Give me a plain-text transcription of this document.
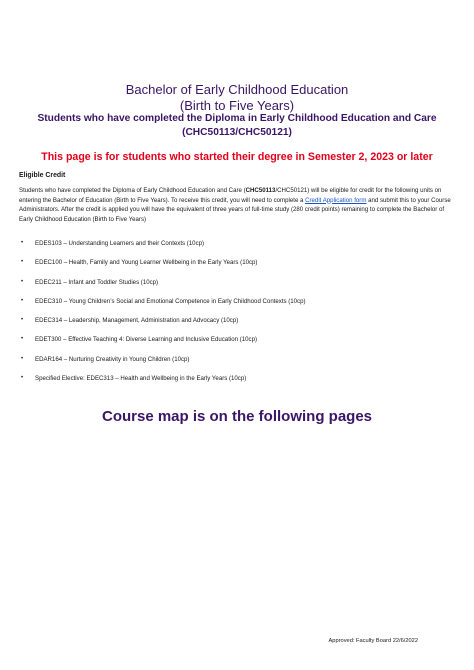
Bachelor of Early Childhood Education
(Birth to Five Years)
Students who have completed the Diploma in Early Childhood Education and Care
(CHC50113/CHC50121)
This page is for students who started their degree in Semester 2, 2023 or later
Eligible Credit
Students who have completed the Diploma of Early Childhood Education and Care (CHC50113/CHC50121) will be eligible for credit for the following units on entering the Bachelor of Education (Birth to Five Years). To receive this credit, you will need to complete a Credit Application form and submit this to your Course Administrators. After the credit is applied you will have the equivalent of three years of full-time study (280 credit points) remaining to complete the Bachelor of Early Childhood Education (Birth to Five Years)
• EDES103 – Understanding Learners and their Contexts (10cp)
• EDEC100 – Health, Family and Young Learner Wellbeing in the Early Years (10cp)
• EDEC211 – Infant and Toddler Studies (10cp)
• EDEC310 – Young Children’s Social and Emotional Competence in Early Childhood Contexts (10cp)
• EDEC314 – Leadership, Management, Administration and Advocacy (10cp)
• EDET300 – Effective Teaching 4: Diverse Learning and Inclusive Education (10cp)
• EDAR164 – Nurturing Creativity in Young Children (10cp)
• Specified Elective: EDEC313 – Health and Wellbeing in the Early Years (10cp)
Course map is on the following pages
Approved: Faculty Board 22/6/2022
